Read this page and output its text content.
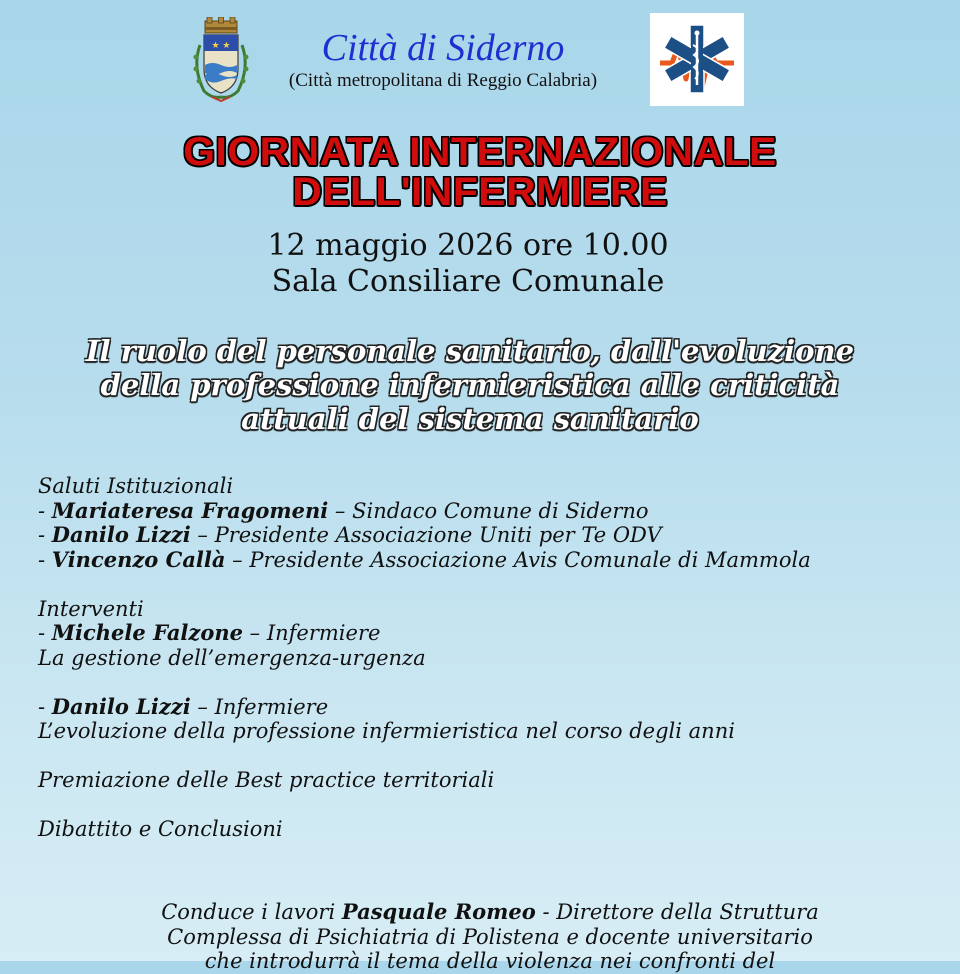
★ ★	Città di Siderno
(Città metropolitana di Reggio Calabria)
GIORNATA INTERNAZIONALE
DELL'INFERMIERE
12 maggio 2026 ore 10.00
Sala Consiliare Comunale
Il ruolo del personale sanitario, dall'evoluzione
della professione infermieristica alle criticità
attuali del sistema sanitario
Saluti Istituzionali
- Mariateresa Fragomeni – Sindaco Comune di Siderno
- Danilo Lizzi – Presidente Associazione Uniti per Te ODV
- Vincenzo Callà – Presidente Associazione Avis Comunale di Mammola
Interventi
- Michele Falzone – Infermiere
La gestione dell’emergenza-urgenza
- Danilo Lizzi – Infermiere
L’evoluzione della professione infermieristica nel corso degli anni
Premiazione delle Best practice territoriali
Dibattito e Conclusioni
Conduce i lavori Pasquale Romeo - Direttore della Struttura
Complessa di Psichiatria di Polistena e docente universitario
che introdurrà il tema della violenza nei confronti del
